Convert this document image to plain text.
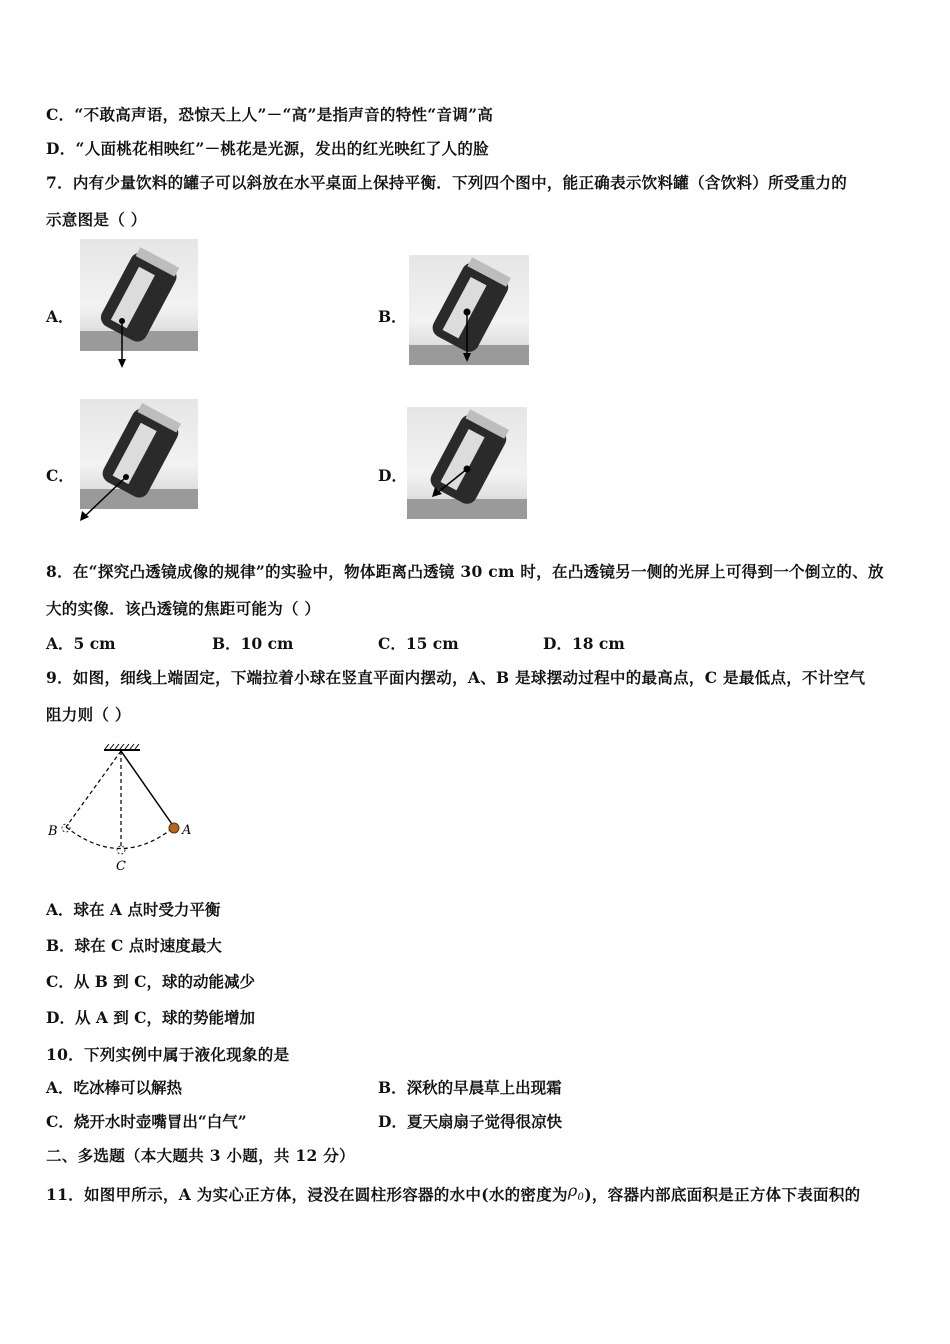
C．“不敢高声语，恐惊天上人”－“高”是指声音的特性“音调”高
D．“人面桃花相映红”－桃花是光源，发出的红光映红了人的脸
7．内有少量饮料的罐子可以斜放在水平桌面上保持平衡．下列四个图中，能正确表示饮料罐（含饮料）所受重力的
示意图是（ ）
A．	B．
C．	D．
8．在“探究凸透镜成像的规律”的实验中，物体距离凸透镜 30 cm 时，在凸透镜另一侧的光屏上可得到一个倒立的、放
大的实像．该凸透镜的焦距可能为（ ）
A．5 cm	B．10 cm	C．15 cm	D．18 cm
9．如图，细线上端固定，下端拉着小球在竖直平面内摆动，A、B 是球摆动过程中的最高点，C 是最低点，不计空气
阻力则（ ）
B	A
C
A．球在 A 点时受力平衡
B．球在 C 点时速度最大
C．从 B 到 C，球的动能减少
D．从 A 到 C，球的势能增加
10．下列实例中属于液化现象的是
A．吃冰棒可以解热	B．深秋的早晨草上出现霜
C．烧开水时壶嘴冒出“白气”	D．夏天扇扇子觉得很凉快
二、多选题（本大题共 3 小题，共 12 分）
11．如图甲所示，A 为实心正方体，浸没在圆柱形容器的水中(水的密度为$\rho_0$)，容器内部底面积是正方体下表面积的
